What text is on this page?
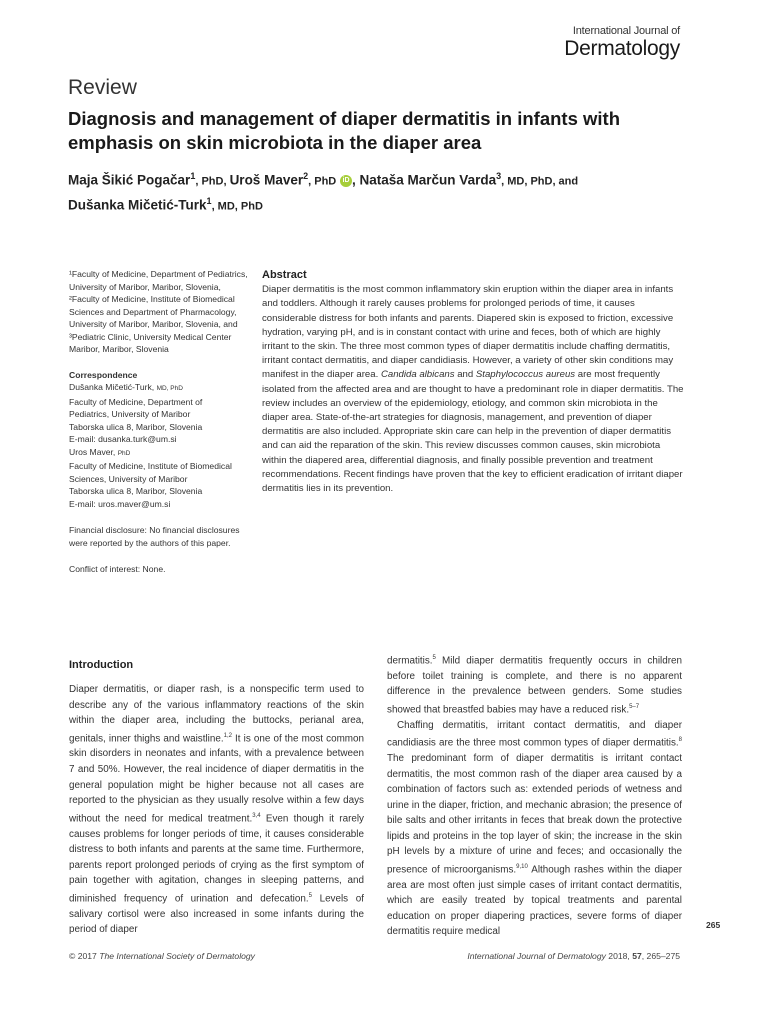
International Journal of
Dermatology
Review
Diagnosis and management of diaper dermatitis in infants with emphasis on skin microbiota in the diaper area
Maja Šikić Pogačar$^1$, PhD, Uroš Maver$^2$, PhD iD , Nataša Marčun Varda$^3$, MD, PhD, and
Dušanka Mičetić-Turk$^1$, MD, PhD

¹Faculty of Medicine, Department of Pediatrics, University of Maribor, Maribor, Slovenia, ²Faculty of Medicine, Institute of Biomedical Sciences and Department of Pharmacology, University of Maribor, Maribor, Slovenia, and ³Pediatric Clinic, University Medical Center Maribor, Maribor, Slovenia

Correspondence

Dušanka Mičetić-Turk, MD, PhD

Faculty of Medicine, Department of

Pediatrics, University of Maribor

Taborska ulica 8, Maribor, Slovenia

E-mail: dusanka.turk@um.si

Uros Maver, PhD

Faculty of Medicine, Institute of Biomedical

Sciences, University of Maribor

Taborska ulica 8, Maribor, Slovenia

E-mail: uros.maver@um.si

Financial disclosure: No financial disclosures were reported by the authors of this paper.

Conflict of interest: None.

Abstract

Diaper dermatitis is the most common inflammatory skin eruption within the diaper area in infants and toddlers. Although it rarely causes problems for prolonged periods of time, it causes considerable distress for both infants and parents. Diapered skin is exposed to friction, excessive hydration, varying pH, and is in constant contact with urine and feces, both of which are highly irritant to the skin. The three most common types of diaper dermatitis include chaffing dermatitis, irritant contact dermatitis, and diaper candidiasis. However, a variety of other skin conditions may manifest in the diaper area. Candida albicans and Staphylococcus aureus are most frequently isolated from the affected area and are thought to have a predominant role in diaper dermatitis. The review includes an overview of the epidemiology, etiology, and common skin microbiota in the diaper area. State-of-the-art strategies for diagnosis, management, and prevention of diaper dermatitis are also included. Appropriate skin care can help in the prevention of diaper dermatitis and can aid the reparation of the skin. This review discusses common causes, skin microbiota within the diapered area, differential diagnosis, and finally possible prevention and treatment recommendations. Recent findings have proven that the key to efficient eradication of irritant diaper dermatitis lies in its prevention.

Introduction

Diaper dermatitis, or diaper rash, is a nonspecific term used to describe any of the various inflammatory reactions of the skin within the diaper area, including the buttocks, perianal area, genitals, inner thighs and waistline.$^{1,2}$ It is one of the most common skin disorders in neonates and infants, with a prevalence between 7 and 50%. However, the real incidence of diaper dermatitis in the general population might be higher because not all cases are reported to the physician as they usually resolve within a few days without the need for medical treatment.$^{3,4}$ Even though it rarely causes problems for longer periods of time, it causes considerable distress to both infants and parents at the same time. Furthermore, parents report prolonged periods of crying as the first symptom of pain together with agitation, changes in sleeping patterns, and diminished frequency of urination and defecation.$^5$ Levels of salivary cortisol were also increased in some infants during the period of diaper

dermatitis.$^5$ Mild diaper dermatitis frequently occurs in children before toilet training is complete, and there is no apparent difference in the prevalence between genders. Some studies showed that breastfed babies may have a reduced risk.$^{5-7}$

Chaffing dermatitis, irritant contact dermatitis, and diaper candidiasis are the three most common types of diaper dermatitis.$^8$ The predominant form of diaper dermatitis is irritant contact dermatitis, the most common rash of the diaper area caused by a combination of factors such as: extended periods of wetness and urine in the diaper, friction, and mechanic abrasion; the presence of bile salts and other irritants in feces that break down the protective lipids and proteins in the top layer of skin; the increase in the skin pH levels by a mixture of urine and feces; and occasionally the presence of microorganisms.$^{9,10}$ Although rashes within the diaper area are most often just simple cases of irritant contact dermatitis, which are easily treated by topical treatments and parental education on proper diapering practices, severe forms of diaper dermatitis require medical

265
© 2017 The International Society of Dermatology	International Journal of Dermatology 2018, 57, 265–275
